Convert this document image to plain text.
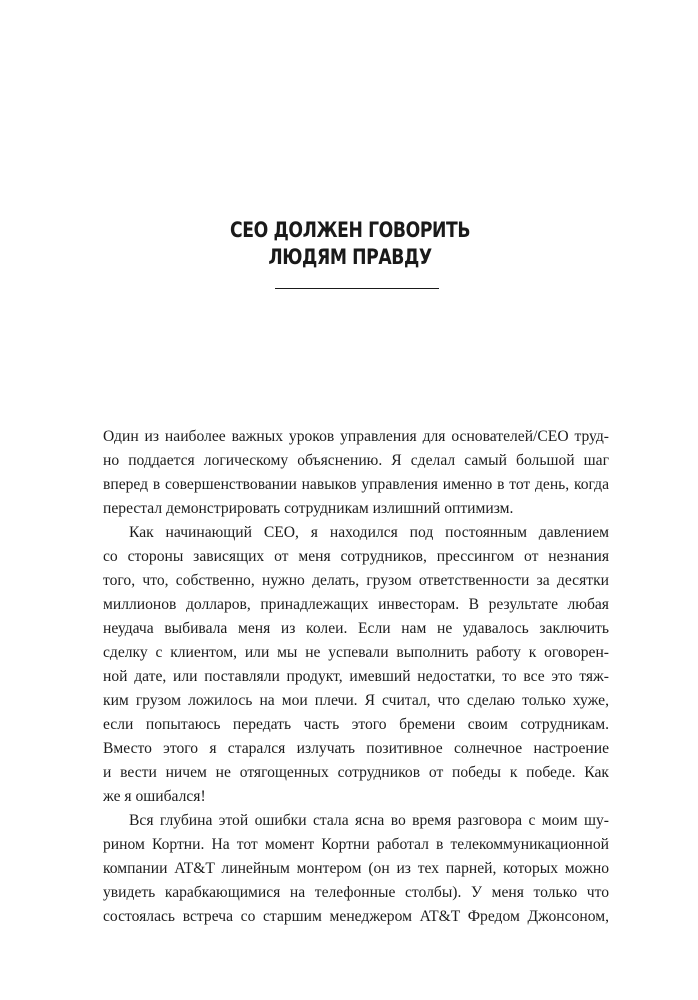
CEO ДОЛЖЕН ГОВОРИТЬ
ЛЮДЯМ ПРАВДУ
Один из наиболее важных уроков управления для основателей/CEO труд-
но поддается логическому объяснению. Я сделал самый большой шаг
вперед в совершенствовании навыков управления именно в тот день, когда
перестал демонстрировать сотрудникам излишний оптимизм.
Как начинающий CEO, я находился под постоянным давлением
со стороны зависящих от меня сотрудников, прессингом от незнания
того, что, собственно, нужно делать, грузом ответственности за десятки
миллионов долларов, принадлежащих инвесторам. В результате любая
неудача выбивала меня из колеи. Если нам не удавалось заключить
сделку с клиентом, или мы не успевали выполнить работу к оговорен-
ной дате, или поставляли продукт, имевший недостатки, то все это тяж-
ким грузом ложилось на мои плечи. Я считал, что сделаю только хуже,
если попытаюсь передать часть этого бремени своим сотрудникам.
Вместо этого я старался излучать позитивное солнечное настроение
и вести ничем не отягощенных сотрудников от победы к победе. Как
же я ошибался!
Вся глубина этой ошибки стала ясна во время разговора с моим шу-
рином Кортни. На тот момент Кортни работал в телекоммуникационной
компании AT&T линейным монтером (он из тех парней, которых можно
увидеть карабкающимися на телефонные столбы). У меня только что
состоялась встреча со старшим менеджером AT&T Фредом Джонсоном,
